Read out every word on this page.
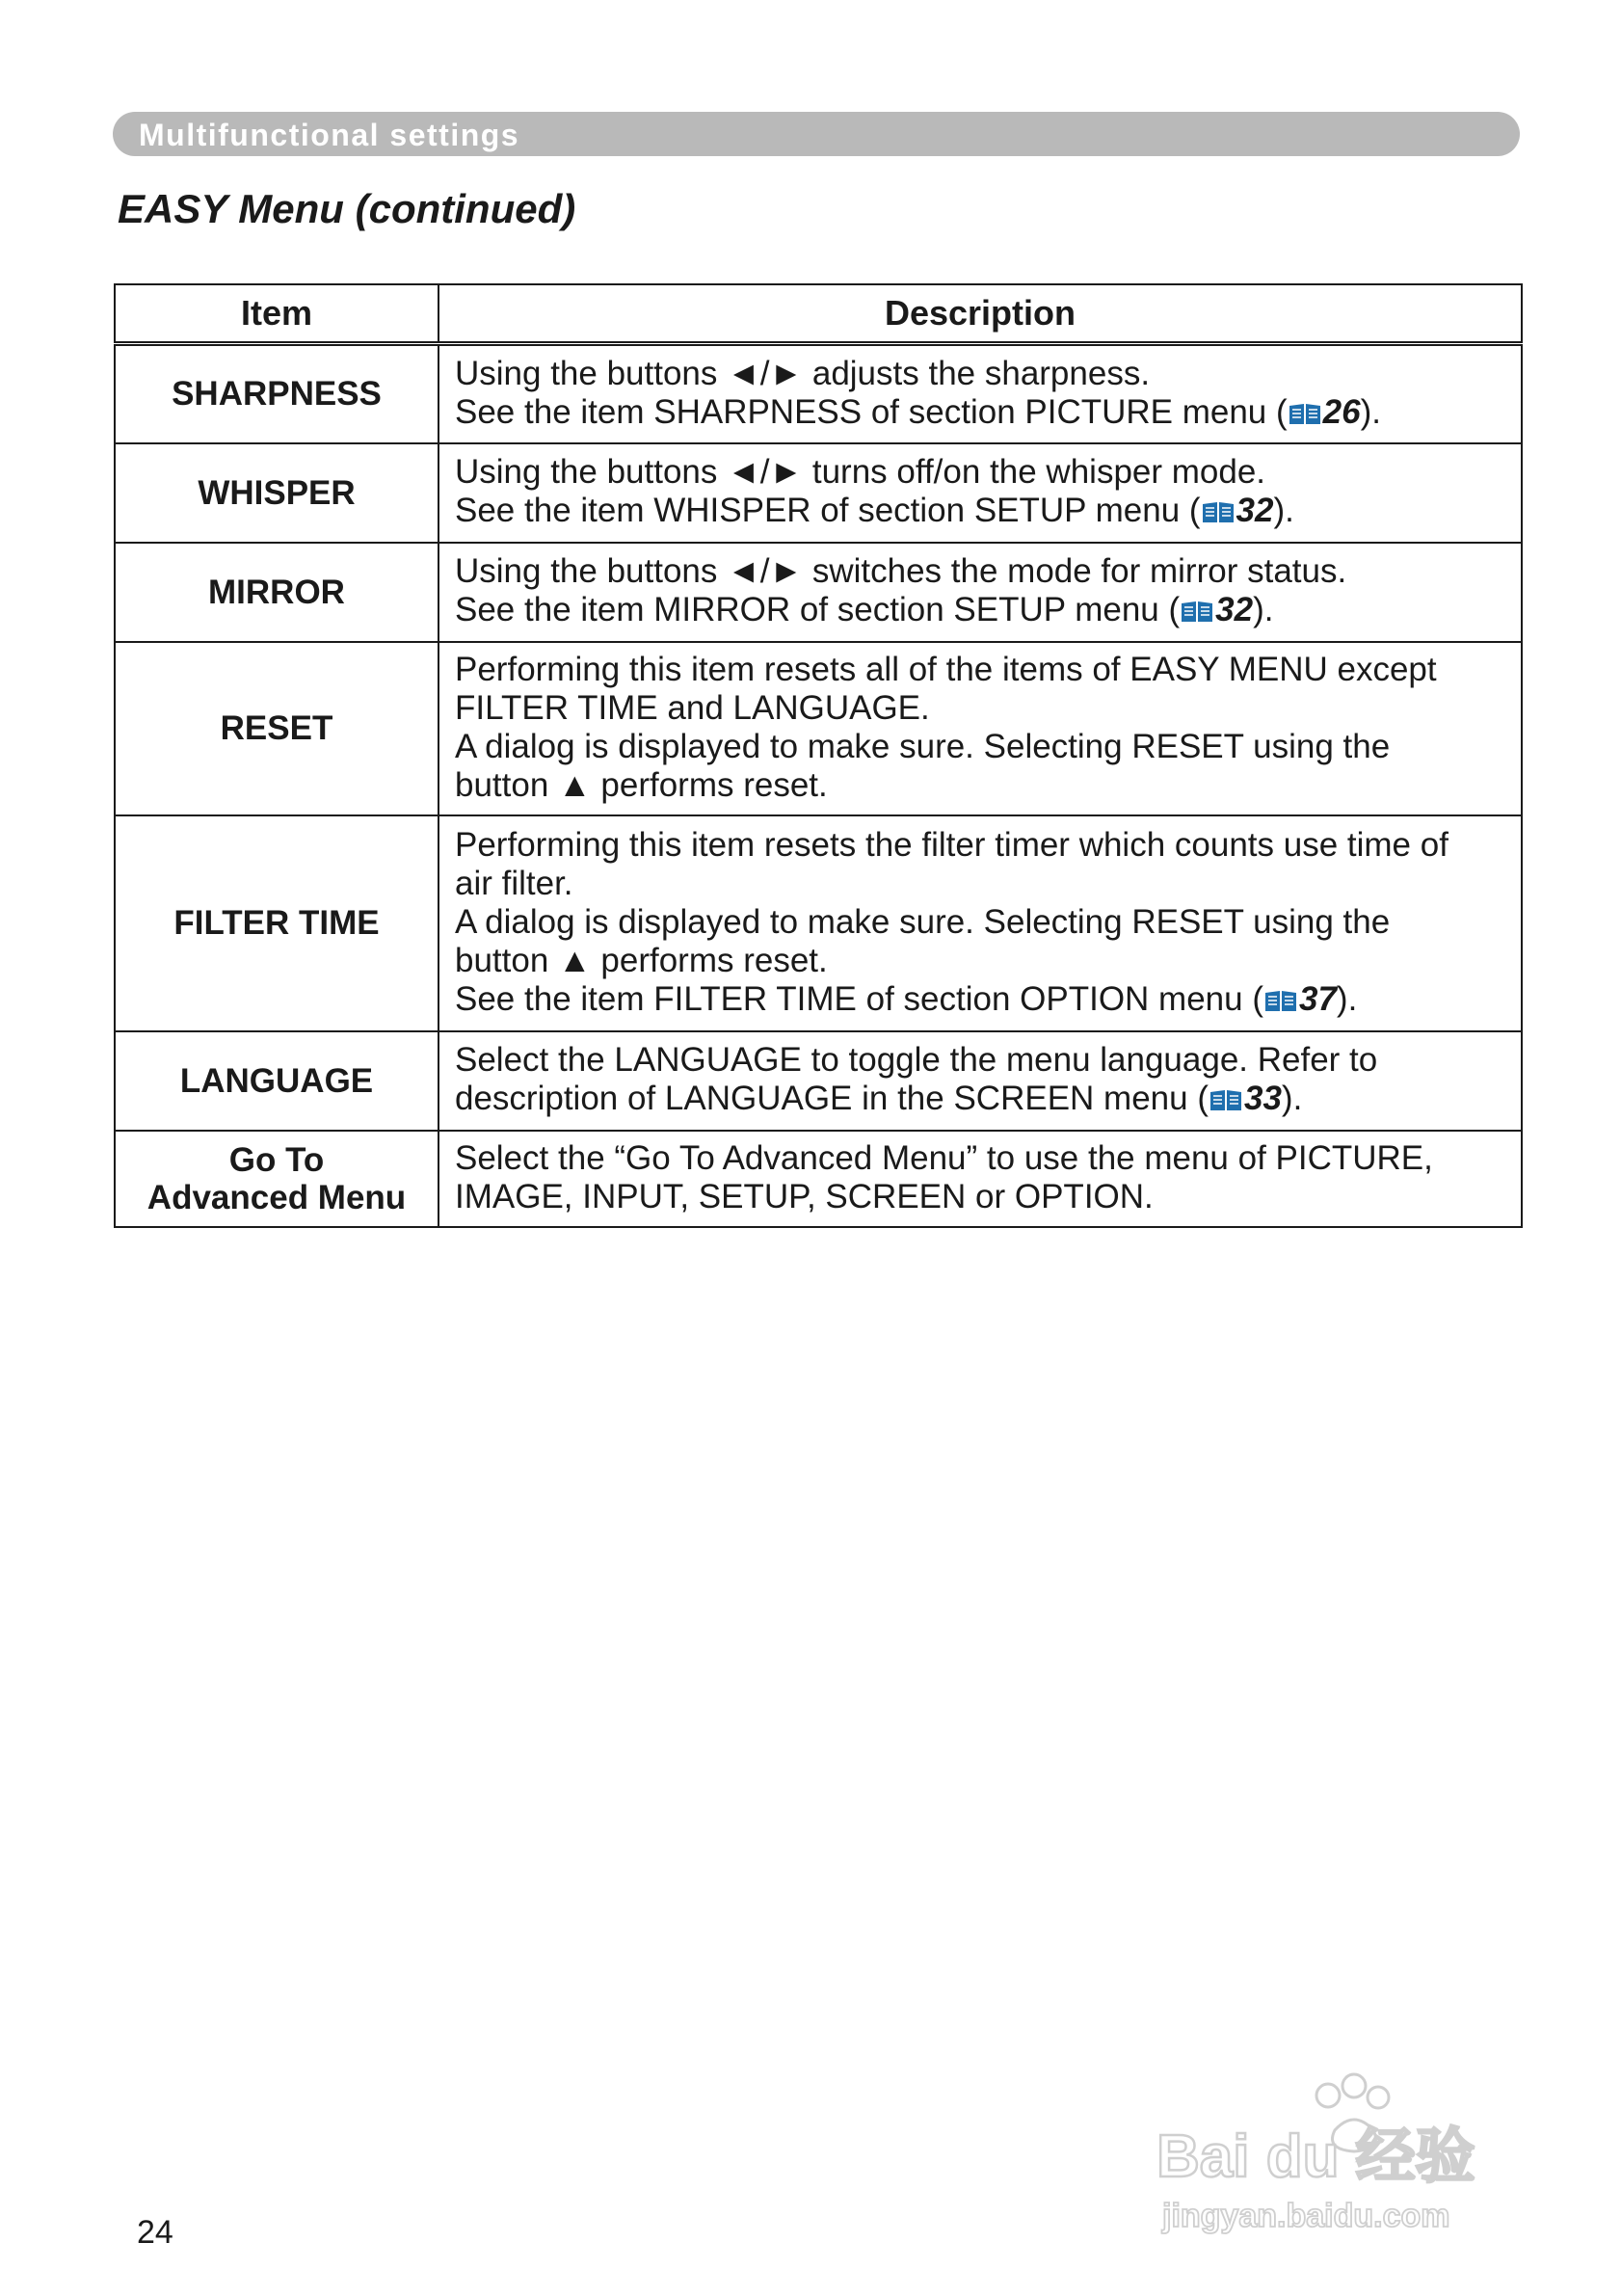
Multifunctional settings
EASY Menu (continued)
Item	Description
SHARPNESS	Using the buttons ◄/► adjusts the sharpness.
See the item SHARPNESS of section PICTURE menu ( 26).

WHISPER	Using the buttons ◄/► turns off/on the whisper mode.
See the item WHISPER of section SETUP menu ( 32).

MIRROR	Using the buttons ◄/► switches the mode for mirror status.
See the item MIRROR of section SETUP menu ( 32).

RESET	Performing this item resets all of the items of EASY MENU except
FILTER TIME and LANGUAGE.
A dialog is displayed to make sure. Selecting RESET using the
button ▲ performs reset.

FILTER TIME	Performing this item resets the filter timer which counts use time of
air filter.
A dialog is displayed to make sure. Selecting RESET using the
button ▲ performs reset.
See the item FILTER TIME of section OPTION menu ( 37).

LANGUAGE	Select the LANGUAGE to toggle the menu language. Refer to
description of LANGUAGE in the SCREEN menu ( 33).

Go To
Advanced Menu	Select the “Go To Advanced Menu” to use the menu of PICTURE,
IMAGE, INPUT, SETUP, SCREEN or OPTION.
24
Bai du 经验
jingyan.baidu.com
